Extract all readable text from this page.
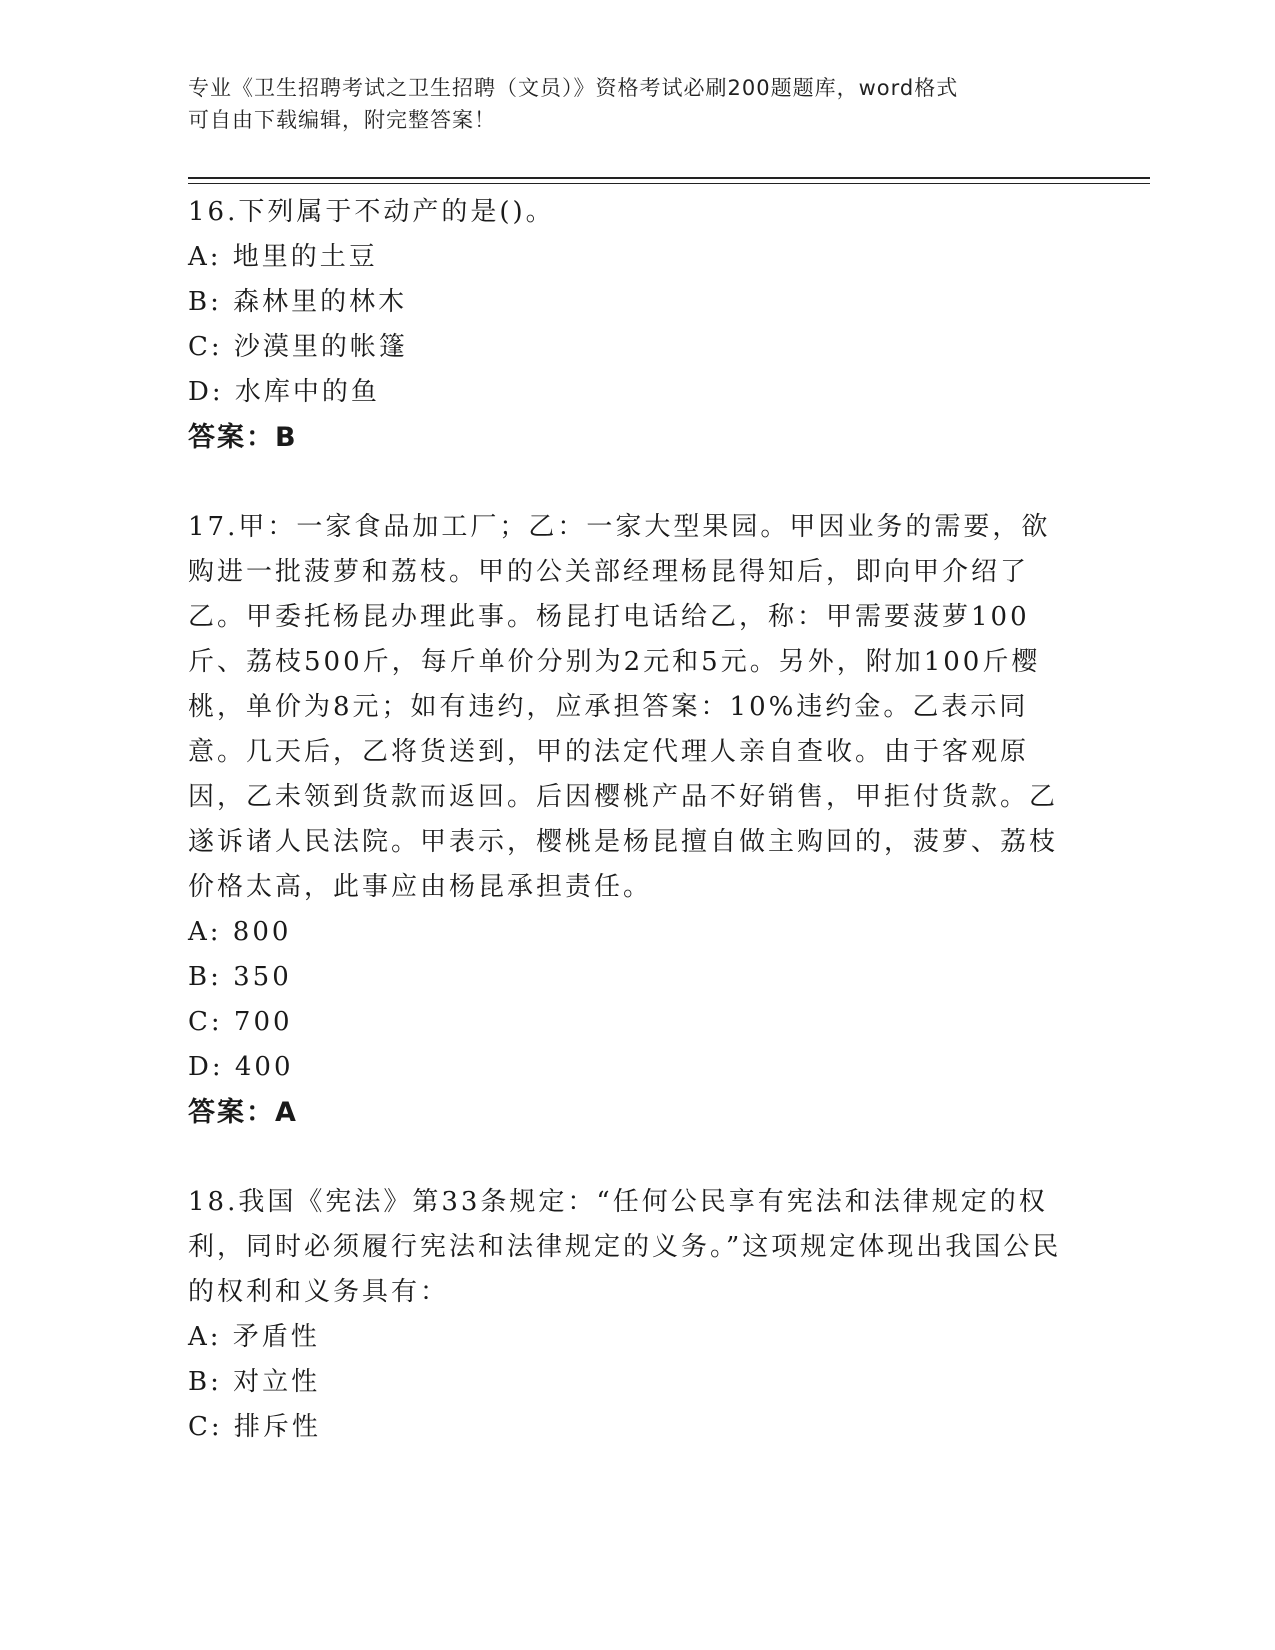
专业《卫生招聘考试之卫生招聘（文员）》资格考试必刷200题题库，word格式
可自由下载编辑，附完整答案！

16.下列属于不动产的是()。

A: 地里的土豆

B: 森林里的林木

C: 沙漠里的帐篷

D: 水库中的鱼

答案：B

17.甲：一家食品加工厂；乙：一家大型果园。甲因业务的需要，欲购进一批菠萝和荔枝。甲的公关部经理杨昆得知后，即向甲介绍了乙。甲委托杨昆办理此事。杨昆打电话给乙，称：甲需要菠萝100斤、荔枝500斤，每斤单价分别为2元和5元。另外，附加100斤樱桃，单价为8元；如有违约，应承担答案：10%违约金。乙表示同意。几天后，乙将货送到，甲的法定代理人亲自查收。由于客观原因，乙未领到货款而返回。后因樱桃产品不好销售，甲拒付货款。乙遂诉诸人民法院。甲表示，樱桃是杨昆擅自做主购回的，菠萝、荔枝价格太高，此事应由杨昆承担责任。

A: 800

B: 350

C: 700

D: 400

答案：A

18.我国《宪法》第33条规定：“任何公民享有宪法和法律规定的权利，同时必须履行宪法和法律规定的义务。”这项规定体现出我国公民的权利和义务具有：

A: 矛盾性

B: 对立性

C: 排斥性
